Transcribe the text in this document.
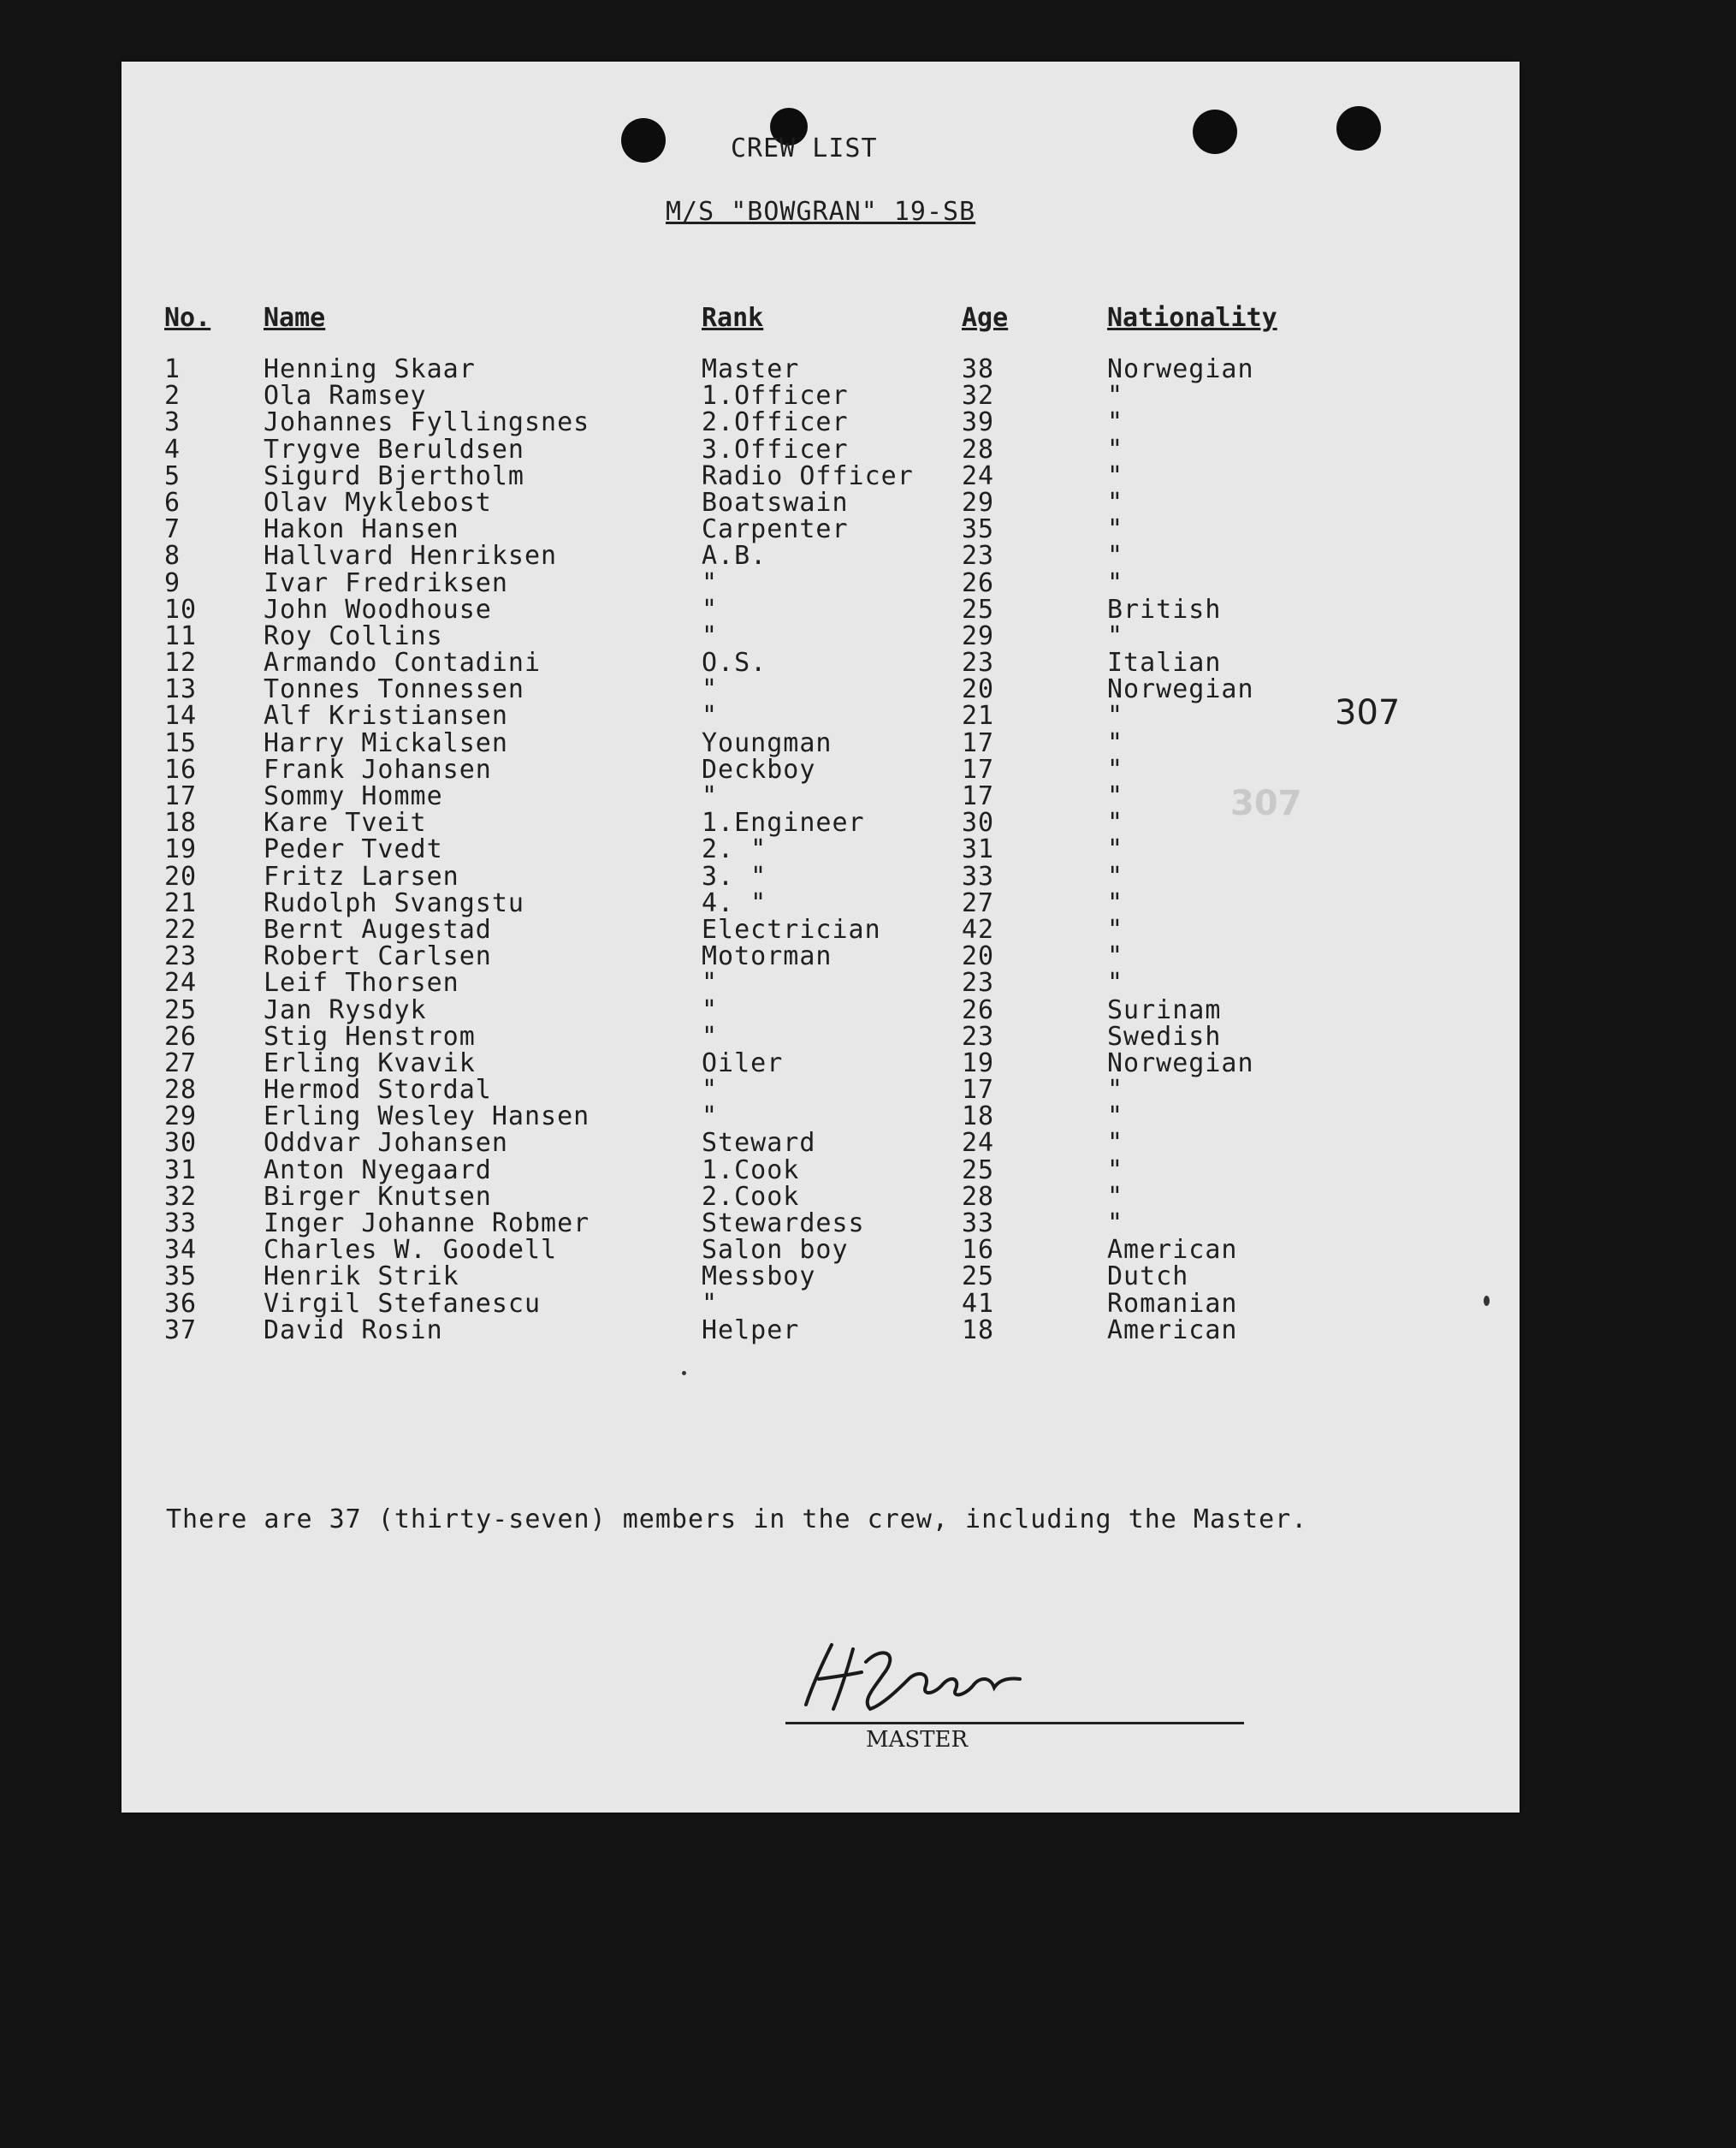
CREW LIST
M/S "BOWGRAN" 19-SB
No. Name	Rank	Age	Nationality
1	Henning Skaar	Master	38	Norwegian
2	Ola Ramsey	1.Officer	32	"
3	Johannes Fyllingsnes	2.Officer	39	"
4	Trygve Beruldsen	3.Officer	28	"
5	Sigurd Bjertholm	Radio Officer 24	"
6	Olav Myklebost	Boatswain	29	"
7	Hakon Hansen	Carpenter	35	"
8	Hallvard Henriksen	A.B.	23	"
9	Ivar Fredriksen	"	26	"
10	John Woodhouse	"	25	British
11	Roy Collins	"	29	"
12	Armando Contadini	O.S.	23	Italian
13	Tonnes Tonnessen	"	20	Norwegian
14	Alf Kristiansen	"	21	"
15	Harry Mickalsen	Youngman	17	"
16	Frank Johansen	Deckboy	17	"
17	Sommy Homme	"	17	"
18	Kare Tveit	1.Engineer	30	"
19	Peder Tvedt	2. "	31	"
20	Fritz Larsen	3. "	33	"
21	Rudolph Svangstu	4. "	27	"
22	Bernt Augestad	Electrician	42	"
23	Robert Carlsen	Motorman	20	"
24	Leif Thorsen	"	23	"
25	Jan Rysdyk	"	26	Surinam
26	Stig Henstrom	"	23	Swedish
27	Erling Kvavik	Oiler	19	Norwegian
28	Hermod Stordal	"	17	"
29	Erling Wesley Hansen	"	18	"
30	Oddvar Johansen	Steward	24	"
31	Anton Nyegaard	1.Cook	25	"
32	Birger Knutsen	2.Cook	28	"
33	Inger Johanne Robmer	Stewardess	33	"
34	Charles W. Goodell	Salon boy	16	American
35	Henrik Strik	Messboy	25	Dutch
36	Virgil Stefanescu	"	41	Romanian
37	David Rosin	Helper	18	American
307
307
There are 37 (thirty-seven) members in the crew, including the Master.
MASTER
